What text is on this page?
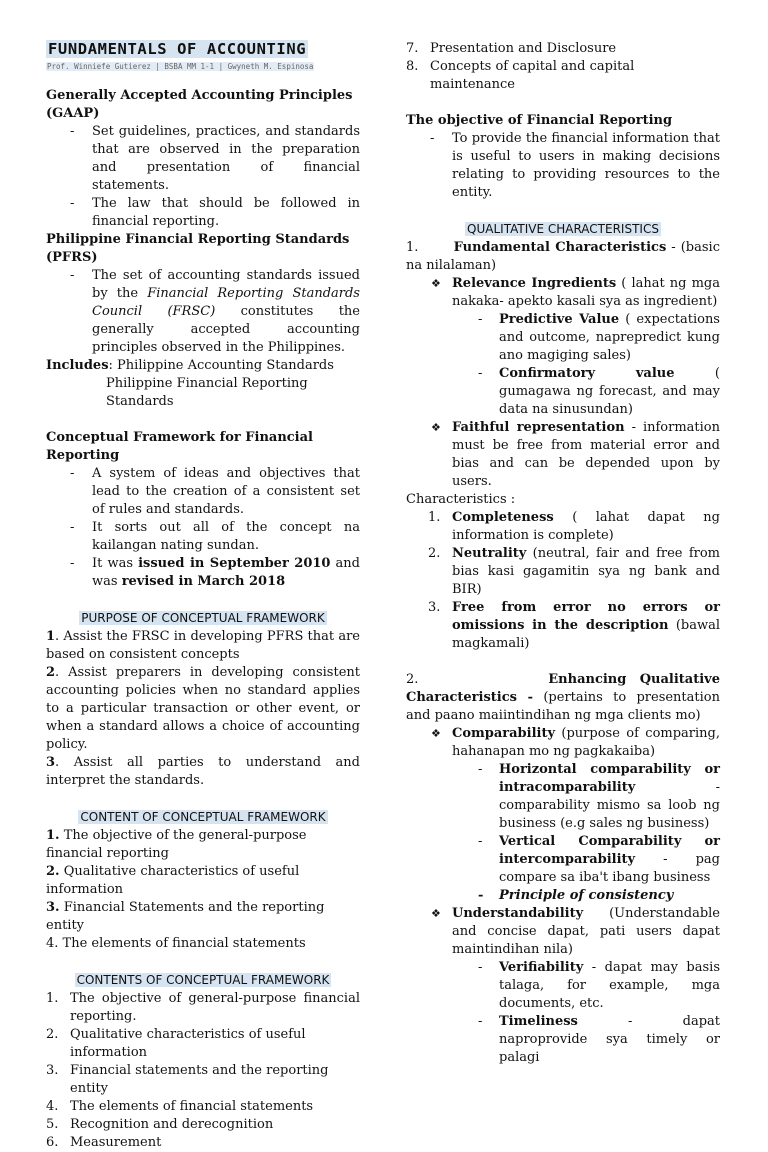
FUNDAMENTALS OF ACCOUNTING
Prof. Winniefe Gutierez | BSBA MM 1-1 | Gwyneth M. Espinosa
Generally Accepted Accounting Principles (GAAP)
- Set guidelines, practices, and standards that are observed in the preparation and presentation of financial statements.
- The law that should be followed in financial reporting.
Philippine Financial Reporting Standards (PFRS)
- The set of accounting standards issued by the Financial Reporting Standards Council (FRSC) constitutes the generally accepted accounting principles observed in the Philippines.
Includes: Philippine Accounting Standards
Philippine Financial Reporting Standards
Conceptual Framework for Financial Reporting
- A system of ideas and objectives that lead to the creation of a consistent set of rules and standards.
- It sorts out all of the concept na kailangan nating sundan.
- It was issued in September 2010 and was revised in March 2018
PURPOSE OF CONCEPTUAL FRAMEWORK
1. Assist the FRSC in developing PFRS that are based on consistent concepts
2. Assist preparers in developing consistent accounting policies when no standard applies to a particular transaction or other event, or when a standard allows a choice of accounting policy.
3. Assist all parties to understand and interpret the standards.
CONTENT OF CONCEPTUAL FRAMEWORK
1. The objective of the general-purpose financial reporting
2. Qualitative characteristics of useful information
3. Financial Statements and the reporting entity
4. The elements of financial statements
CONTENTS OF CONCEPTUAL FRAMEWORK
1. The objective of general-purpose financial reporting.
2. Qualitative characteristics of useful information
3. Financial statements and the reporting entity
4. The elements of financial statements
5. Recognition and derecognition
6. Measurement
7. Presentation and Disclosure
8. Concepts of capital and capital maintenance
The objective of Financial Reporting
- To provide the financial information that is useful to users in making decisions relating to providing resources to the entity.
QUALITATIVE CHARACTERISTICS
1.	Fundamental Characteristics - (basic na nilalaman)
❖ Relevance Ingredients ( lahat ng mga nakaka- apekto kasali sya as ingredient)
- Predictive Value ( expectations and outcome, naprepredict kung ano magiging sales)
- Confirmatory value ( gumagawa ng forecast, and may data na sinusundan)
❖ Faithful representation - information must be free from material error and bias and can be depended upon by users.
Characteristics :
1. Completeness ( lahat dapat ng information is complete)
2. Neutrality (neutral, fair and free from bias kasi gagamitin sya ng bank and BIR)
3. Free from error no errors or omissions in the description (bawal magkamali)
2.	Enhancing Qualitative Characteristics - (pertains to presentation and paano maiintindihan ng mga clients mo)
❖ Comparability (purpose of comparing, hahanapan mo ng pagkakaiba)
- Horizontal comparability or intracomparability - comparability mismo sa loob ng business (e.g sales ng business)
- Vertical Comparability or intercomparability - pag compare sa iba't ibang business
- Principle of consistency
❖ Understandability (Understandable and concise dapat, pati users dapat maintindihan nila)
- Verifiability - dapat may basis talaga, for example, mga documents, etc.
- Timeliness - dapat naproprovide sya timely or palagi
